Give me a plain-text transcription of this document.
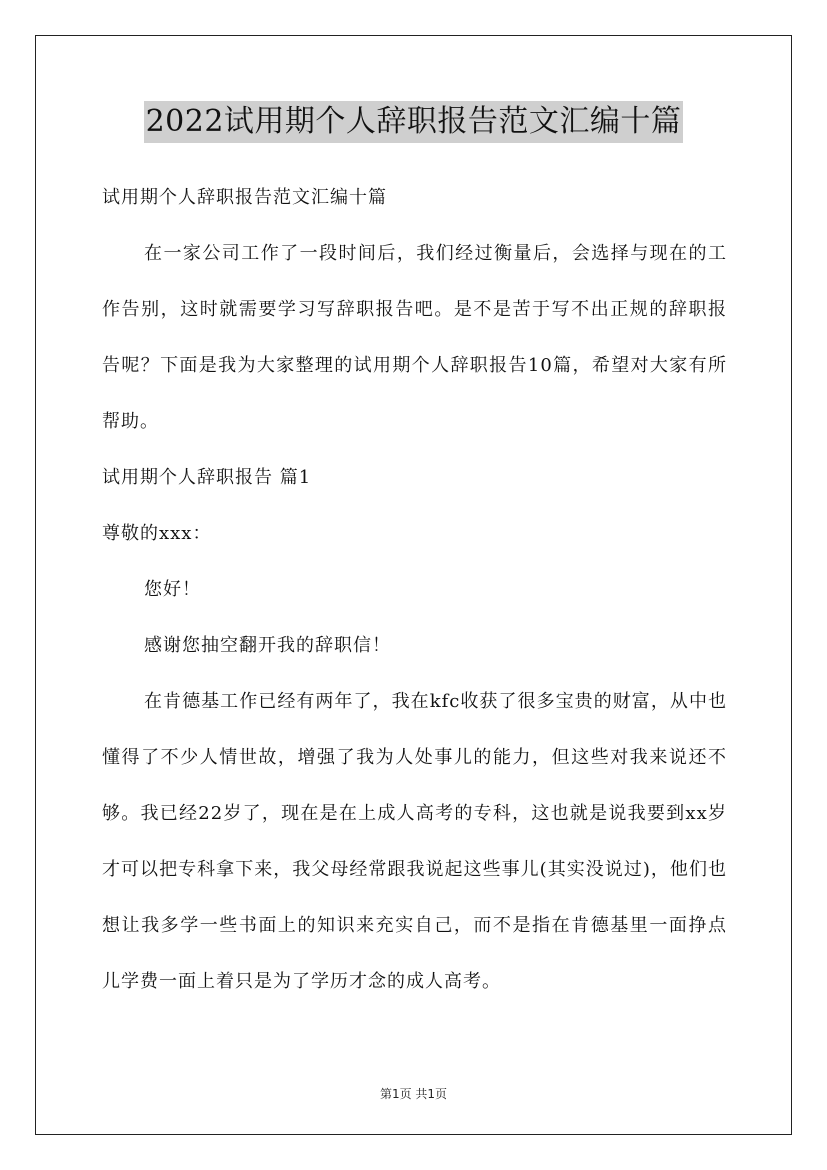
2022试用期个人辞职报告范文汇编十篇

试用期个人辞职报告范文汇编十篇

在一家公司工作了一段时间后，我们经过衡量后，会选择与现在的工作告别，这时就需要学习写辞职报告吧。是不是苦于写不出正规的辞职报告呢？下面是我为大家整理的试用期个人辞职报告10篇，希望对大家有所帮助。

试用期个人辞职报告 篇1

尊敬的xxx：

您好！

感谢您抽空翻开我的辞职信！

在肯德基工作已经有两年了，我在kfc收获了很多宝贵的财富，从中也懂得了不少人情世故，增强了我为人处事儿的能力，但这些对我来说还不够。我已经22岁了，现在是在上成人高考的专科，这也就是说我要到xx岁才可以把专科拿下来，我父母经常跟我说起这些事儿(其实没说过)，他们也想让我多学一些书面上的知识来充实自己，而不是指在肯德基里一面挣点儿学费一面上着只是为了学历才念的成人高考。

第1页 共1页
